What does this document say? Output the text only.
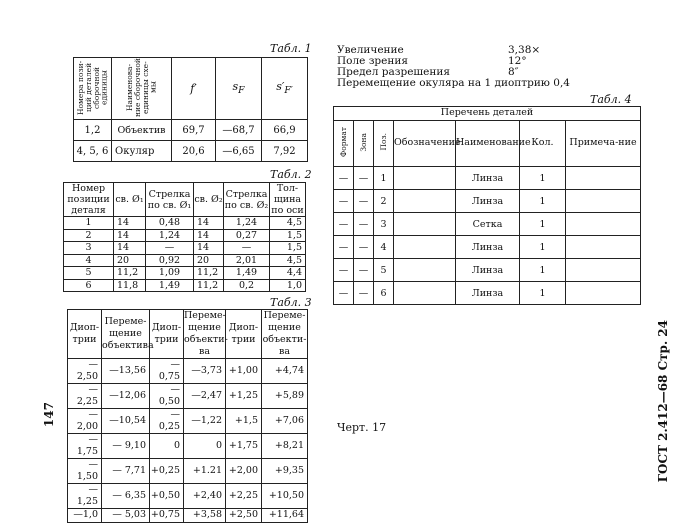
Табл. 1
Номера пози-ций деталей сборочной единицы	Наименова-ние сборочной единицы схе-мы	f′	$s_F$	$s'_{F'}$
1,2	Объектив	69,7	—68,7	66,9
4, 5, 6	Окуляр	20,6	—6,65	7,92
Табл. 2
Номер позиции деталя	св. Ø₁	Стрелка по св. Ø₁	св. Ø₂	Стрелка по св. Ø₂	Тол-щина по оси
1	14	0,48	14	1,24	4,5
2	14	1,24	14	0,27	1,5
3	14	—	14	—	1,5
4	20	0,92	20	2,01	4,5
5	11,2	1,09	11,2	1,49	4,4
6	11,8	1,49	11,2	0,2	1,0
Табл. 3
Диоп-трии	Переме-щение объектива	Диоп-трии	Переме-щение объекти-ва	Диоп-трии	Переме-щение объекти-ва
—2,50	—13,56	—0,75	—3,73	+1,00	+4,74
—2,25	—12,06	—0,50	—2,47	+1,25	+5,89
—2,00	—10,54	—0,25	—1,22	+1,5	+7,06
—1,75	— 9,10	0	0	+1,75	+8,21
—1,50	— 7,71	+0,25	+1.21	+2,00	+9,35
—1,25	— 6,35	+0,50	+2,40	+2,25	+10,50
—1,0	— 5,03	+0,75	+3,58	+2,50	+11,64
Увеличение	3,38×
Поле зрения	12°
Предел разрешения	8″
Перемещение окуляра на 1 диоптрию 0,4
Табл. 4
Перечень деталей						
Формат	Зона	Поз.	Обозначение	Наименование	Кол.	Примеча-ние
—	—	1		Линза	1	
—	—	2		Линза	1	
—	—	3		Сетка	1	
—	—	4		Линза	1	
—	—	5		Линза	1	
—	—	6		Линза	1	
Черт. 17
147	ГОСТ 2.412—68 Стр. 24
